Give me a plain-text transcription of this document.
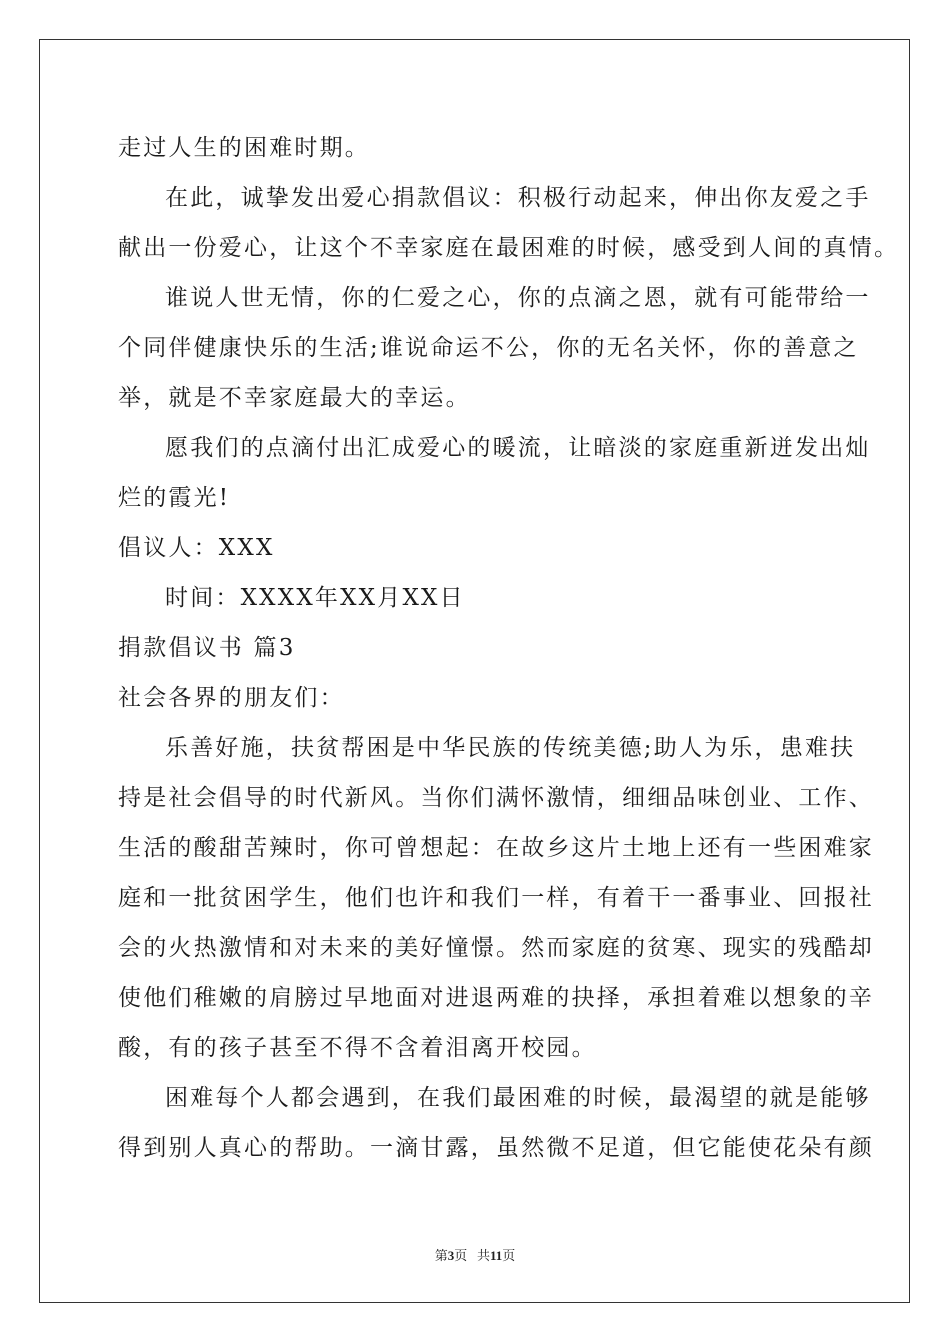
走过人生的困难时期。
在此，诚挚发出爱心捐款倡议：积极行动起来，伸出你友爱之手
献出一份爱心，让这个不幸家庭在最困难的时候，感受到人间的真情。
谁说人世无情，你的仁爱之心，你的点滴之恩，就有可能带给一
个同伴健康快乐的生活;谁说命运不公，你的无名关怀，你的善意之
举，就是不幸家庭最大的幸运。
愿我们的点滴付出汇成爱心的暖流，让暗淡的家庭重新迸发出灿
烂的霞光!
倡议人：XXX
时间：XXXX年XX月XX日
捐款倡议书 篇3
社会各界的朋友们：
乐善好施，扶贫帮困是中华民族的传统美德;助人为乐，患难扶
持是社会倡导的时代新风。当你们满怀激情，细细品味创业、工作、
生活的酸甜苦辣时，你可曾想起：在故乡这片土地上还有一些困难家
庭和一批贫困学生，他们也许和我们一样，有着干一番事业、回报社
会的火热激情和对未来的美好憧憬。然而家庭的贫寒、现实的残酷却
使他们稚嫩的肩膀过早地面对进退两难的抉择，承担着难以想象的辛
酸，有的孩子甚至不得不含着泪离开校园。
困难每个人都会遇到，在我们最困难的时候，最渴望的就是能够
得到别人真心的帮助。一滴甘露，虽然微不足道，但它能使花朵有颜
第3页 共11页
